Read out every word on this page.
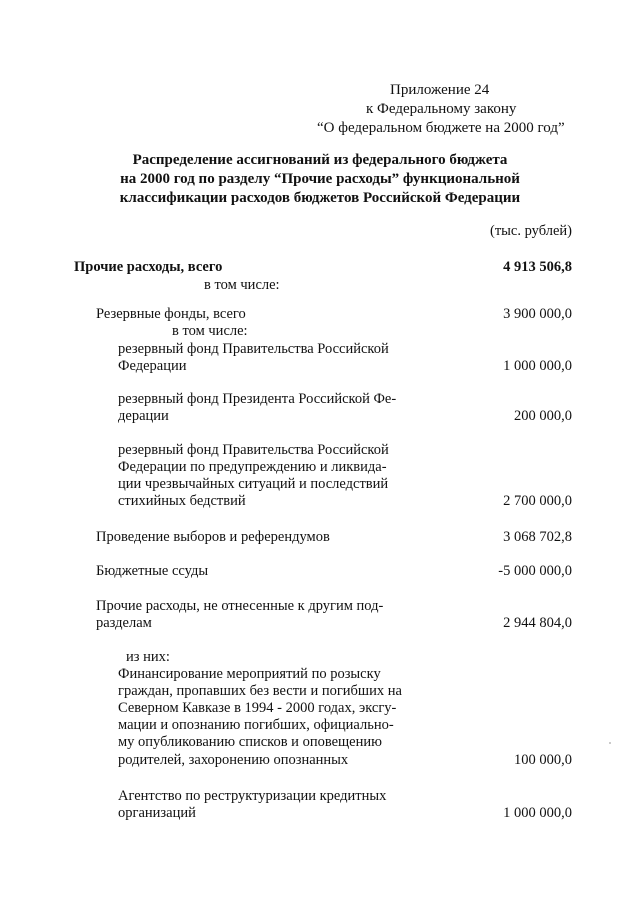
Приложение 24
к Федеральному закону
“О федеральном бюджете на 2000 год”
Распределение ассигнований из федерального бюджета
на 2000 год по разделу “Прочие расходы” функциональной
классификации расходов бюджетов Российской Федерации
(тыс. рублей)
Прочие расходы, всего	4 913 506,8
в том числе:
Резервные фонды, всего	3 900 000,0
в том числе:
резервный фонд Правительства Российской
Федерации	1 000 000,0
резервный фонд Президента Российской Фе-
дерации	200 000,0
резервный фонд Правительства Российской
Федерации по предупреждению и ликвида-
ции чрезвычайных ситуаций и последствий
стихийных бедствий	2 700 000,0
Проведение выборов и референдумов	3 068 702,8
Бюджетные ссуды	-5 000 000,0
Прочие расходы, не отнесенные к другим под-
разделам	2 944 804,0
из них:
Финансирование мероприятий по розыску
граждан, пропавших без вести и погибших на
Северном Кавказе в 1994 - 2000 годах, эксгу-
мации и опознанию погибших, официально-
му опубликованию списков и оповещению
родителей, захоронению опознанных	100 000,0
Агентство по реструктуризации кредитных
организаций	1 000 000,0
